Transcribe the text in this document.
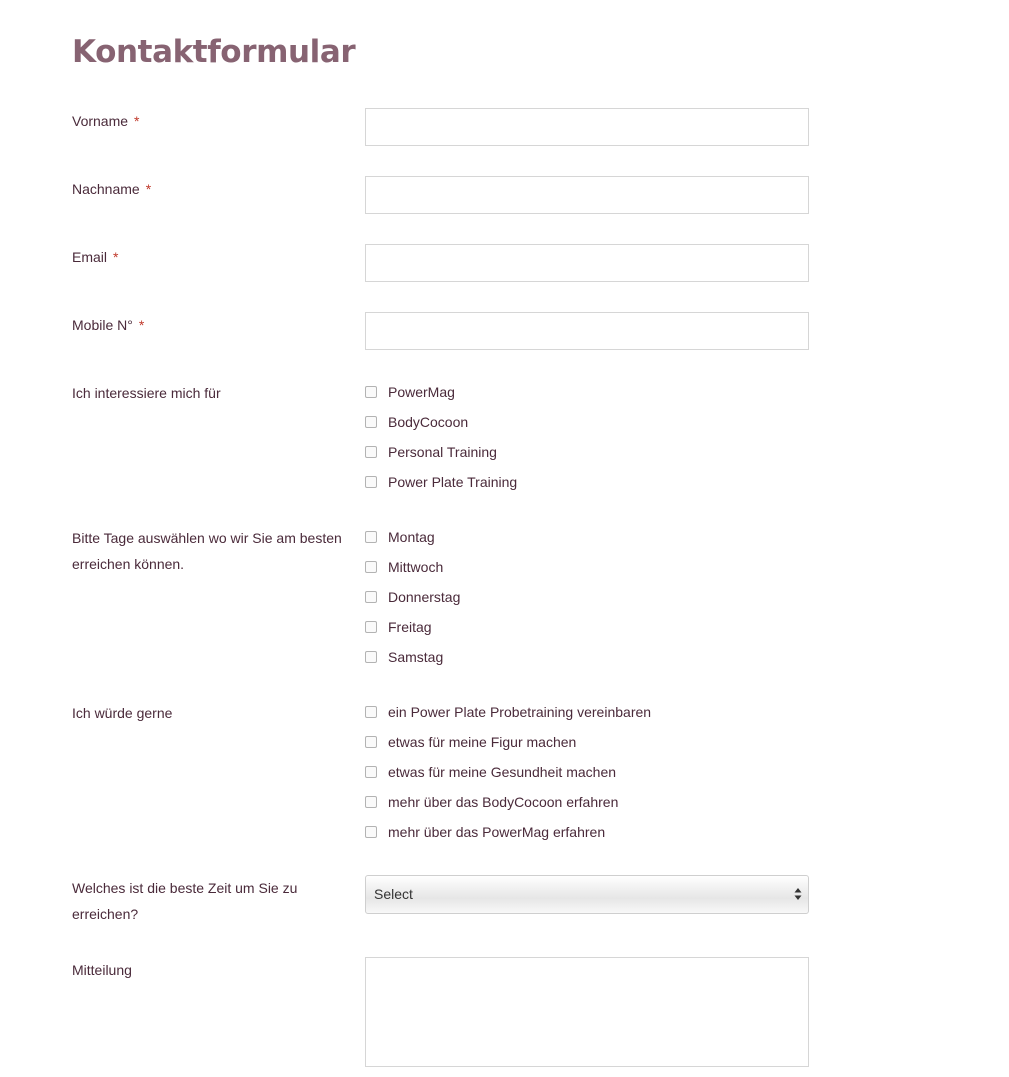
Kontaktformular
Vorname *
Nachname *
Email *
Mobile N° *
Ich interessiere mich für	PowerMag
BodyCocoon
Personal Training
Power Plate Training
Bitte Tage auswählen wo wir Sie am besten
erreichen können.
Montag
Mittwoch
Donnerstag
Freitag
Samstag
Ich würde gerne	ein Power Plate Probetraining vereinbaren
etwas für meine Figur machen
etwas für meine Gesundheit machen
mehr über das BodyCocoon erfahren
mehr über das PowerMag erfahren
Welches ist die beste Zeit um Sie zu
erreichen?
Select
Mitteilung
